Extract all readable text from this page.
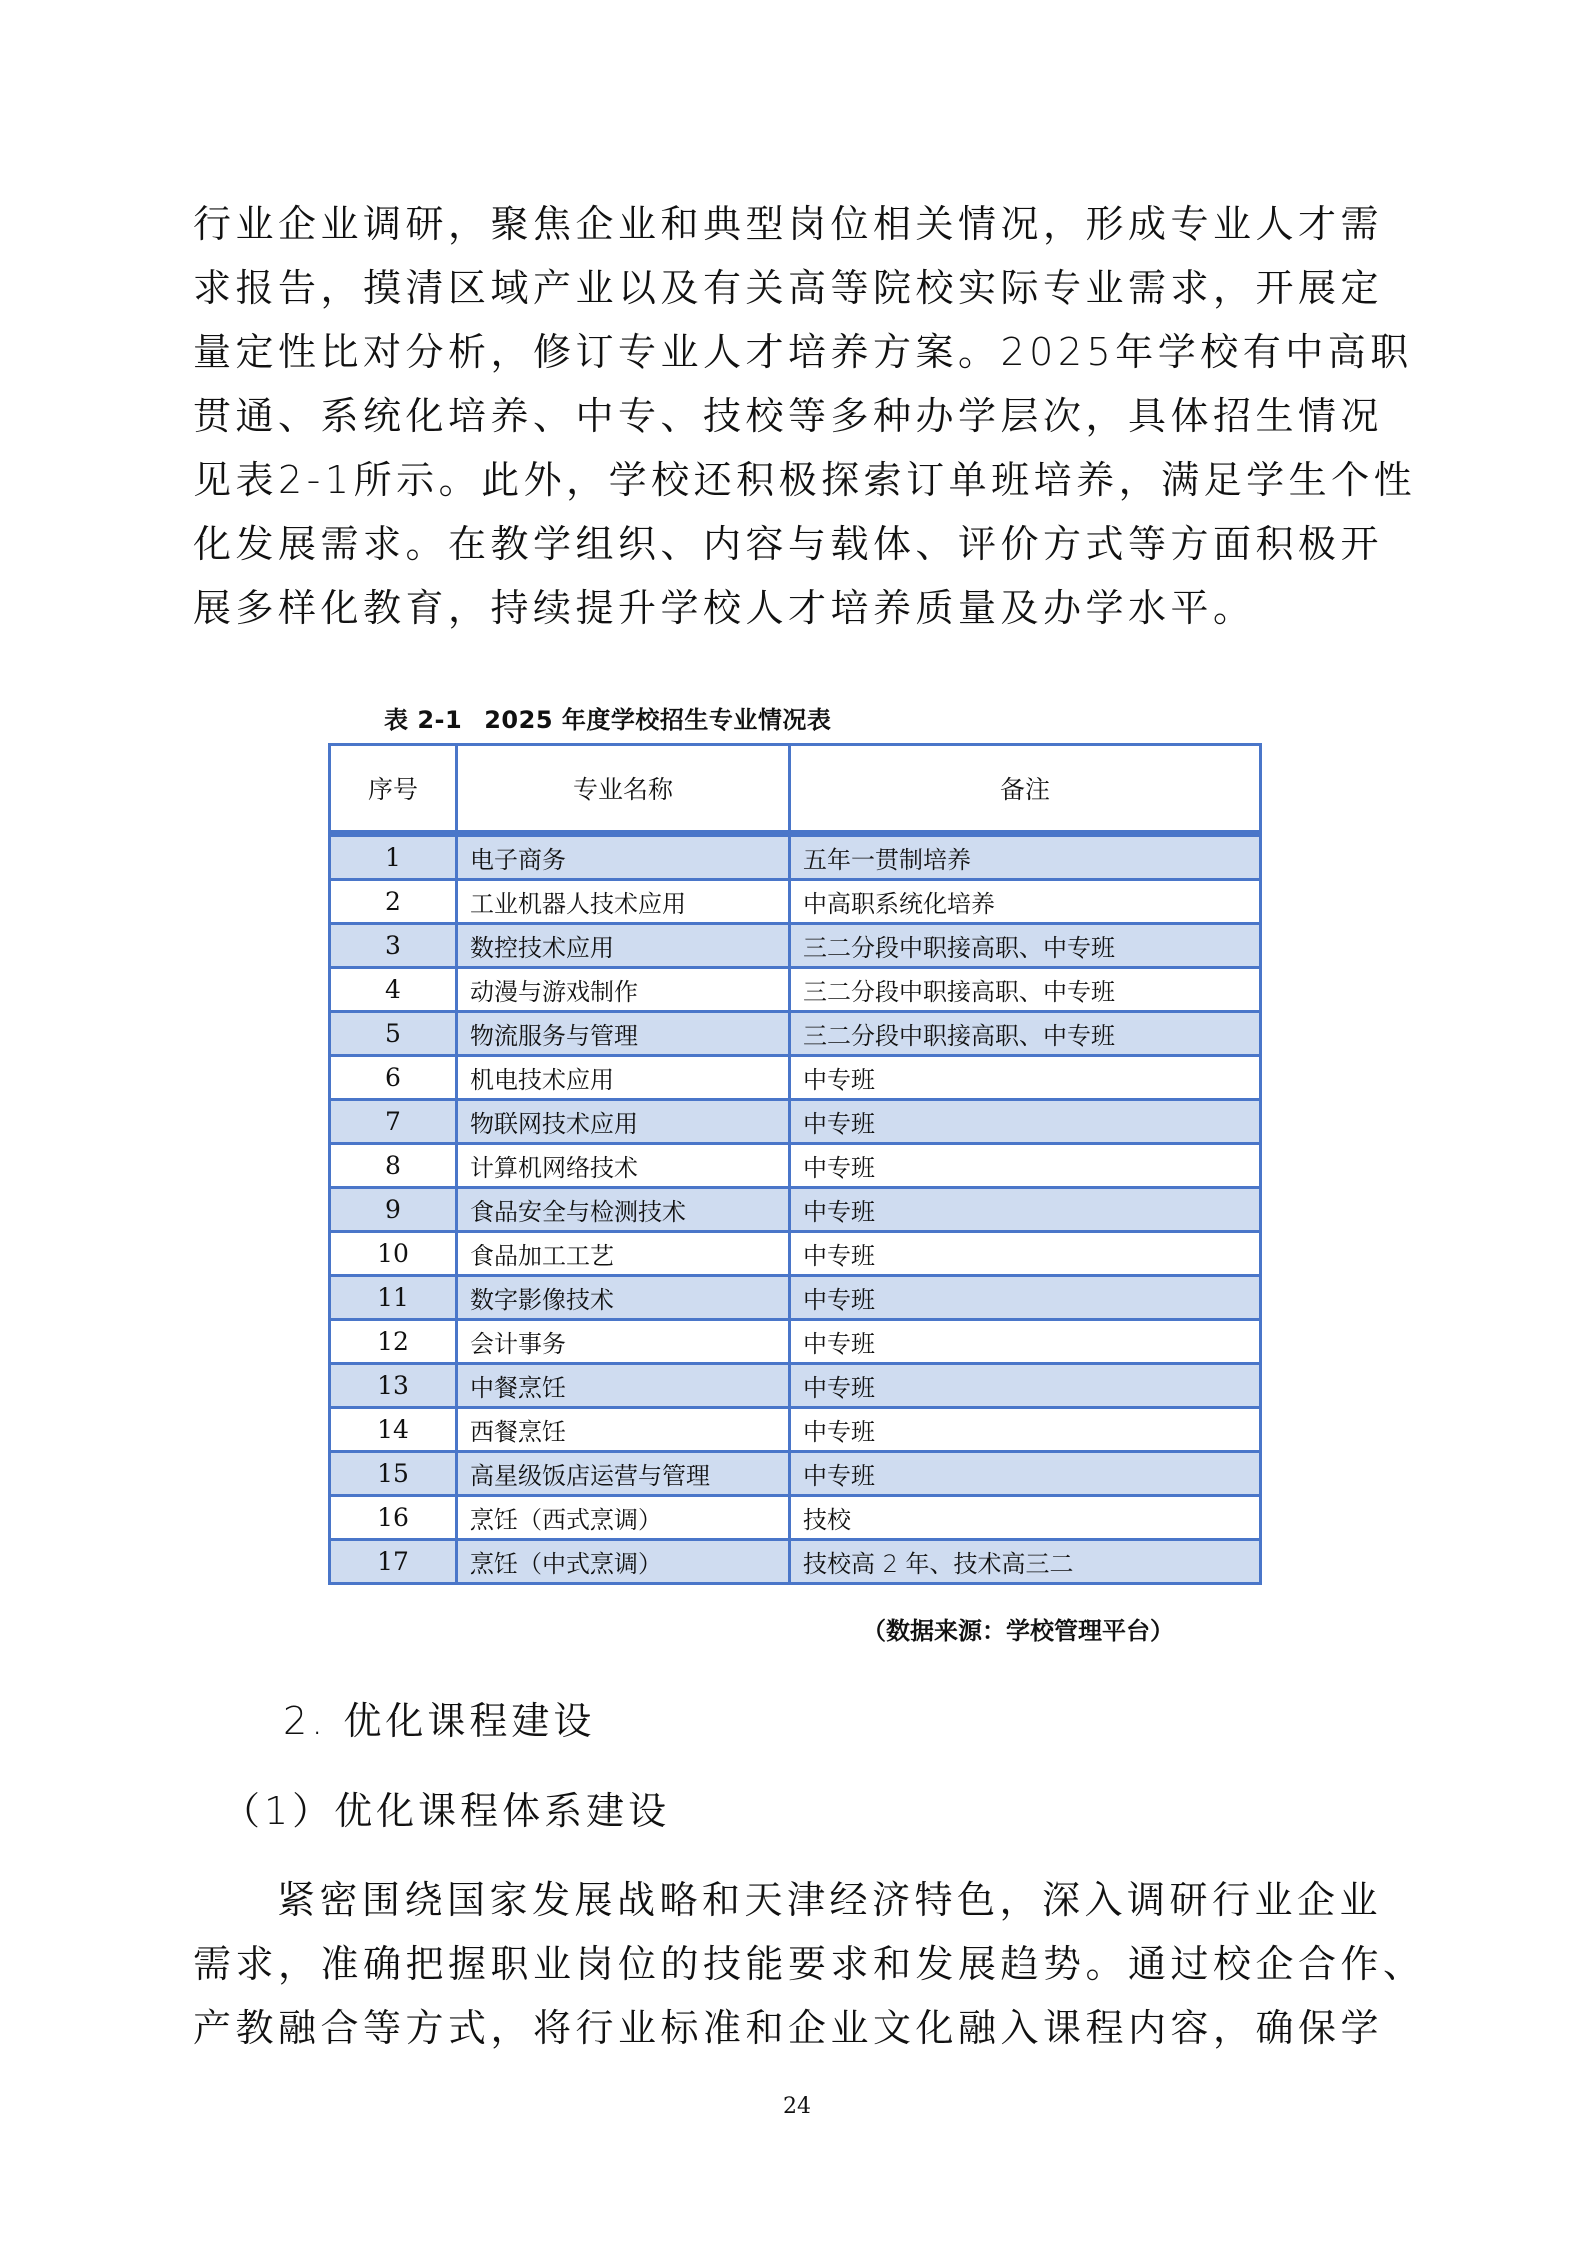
行业企业调研，聚焦企业和典型岗位相关情况，形成专业人才需
求报告，摸清区域产业以及有关高等院校实际专业需求，开展定
量定性比对分析，修订专业人才培养方案。2025年学校有中高职
贯通、系统化培养、中专、技校等多种办学层次，具体招生情况
见表2-1所示。此外，学校还积极探索订单班培养，满足学生个性
化发展需求。在教学组织、内容与载体、评价方式等方面积极开
展多样化教育，持续提升学校人才培养质量及办学水平。
表 2-1 2025 年度学校招生专业情况表
序号	专业名称	备注
1	电子商务	五年一贯制培养
2	工业机器人技术应用	中高职系统化培养
3	数控技术应用	三二分段中职接高职、中专班
4	动漫与游戏制作	三二分段中职接高职、中专班
5	物流服务与管理	三二分段中职接高职、中专班
6	机电技术应用	中专班
7	物联网技术应用	中专班
8	计算机网络技术	中专班
9	食品安全与检测技术	中专班
10	食品加工工艺	中专班
11	数字影像技术	中专班
12	会计事务	中专班
13	中餐烹饪	中专班
14	西餐烹饪	中专班
15	高星级饭店运营与管理	中专班
16	烹饪（西式烹调）	技校
17	烹饪（中式烹调）	技校高 2 年、技术高三二
（数据来源：学校管理平台）
2. 优化课程建设
（1）优化课程体系建设
紧密围绕国家发展战略和天津经济特色，深入调研行业企业
需求，准确把握职业岗位的技能要求和发展趋势。通过校企合作、
产教融合等方式，将行业标准和企业文化融入课程内容，确保学
24
